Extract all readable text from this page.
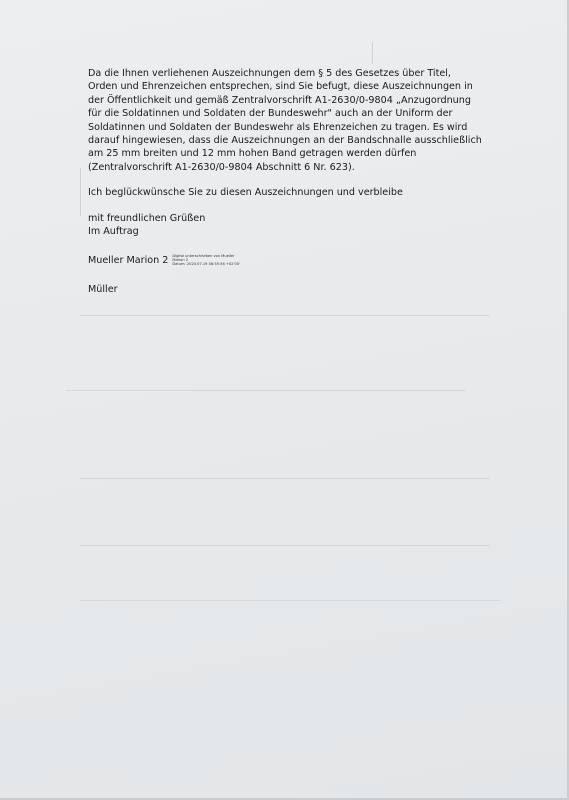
Da die Ihnen verliehenen Auszeichnungen dem § 5 des Gesetzes über Titel, Orden und Ehrenzeichen entsprechen, sind Sie befugt, diese Auszeichnungen in der Öffentlichkeit und gemäß Zentralvorschrift A1-2630/0-9804 „Anzugordnung für die Soldatinnen und Soldaten der Bundeswehr" auch an der Uniform der Soldatinnen und Soldaten der Bundeswehr als Ehrenzeichen zu tragen. Es wird darauf hingewiesen, dass die Auszeichnungen an der Bandschnalle ausschließlich am 25 mm breiten und 12 mm hohen Band getragen werden dürfen (Zentralvorschrift A1-2630/0-9804 Abschnitt 6 Nr. 623).

Ich beglückwünsche Sie zu diesen Auszeichnungen und verbleibe

mit freundlichen Grüßen

Im Auftrag

Mueller Marion 2 Digital unterschrieben von Mueller
Marion 2
Datum: 2020.07.19 08:55:56 +02'00'
Müller
